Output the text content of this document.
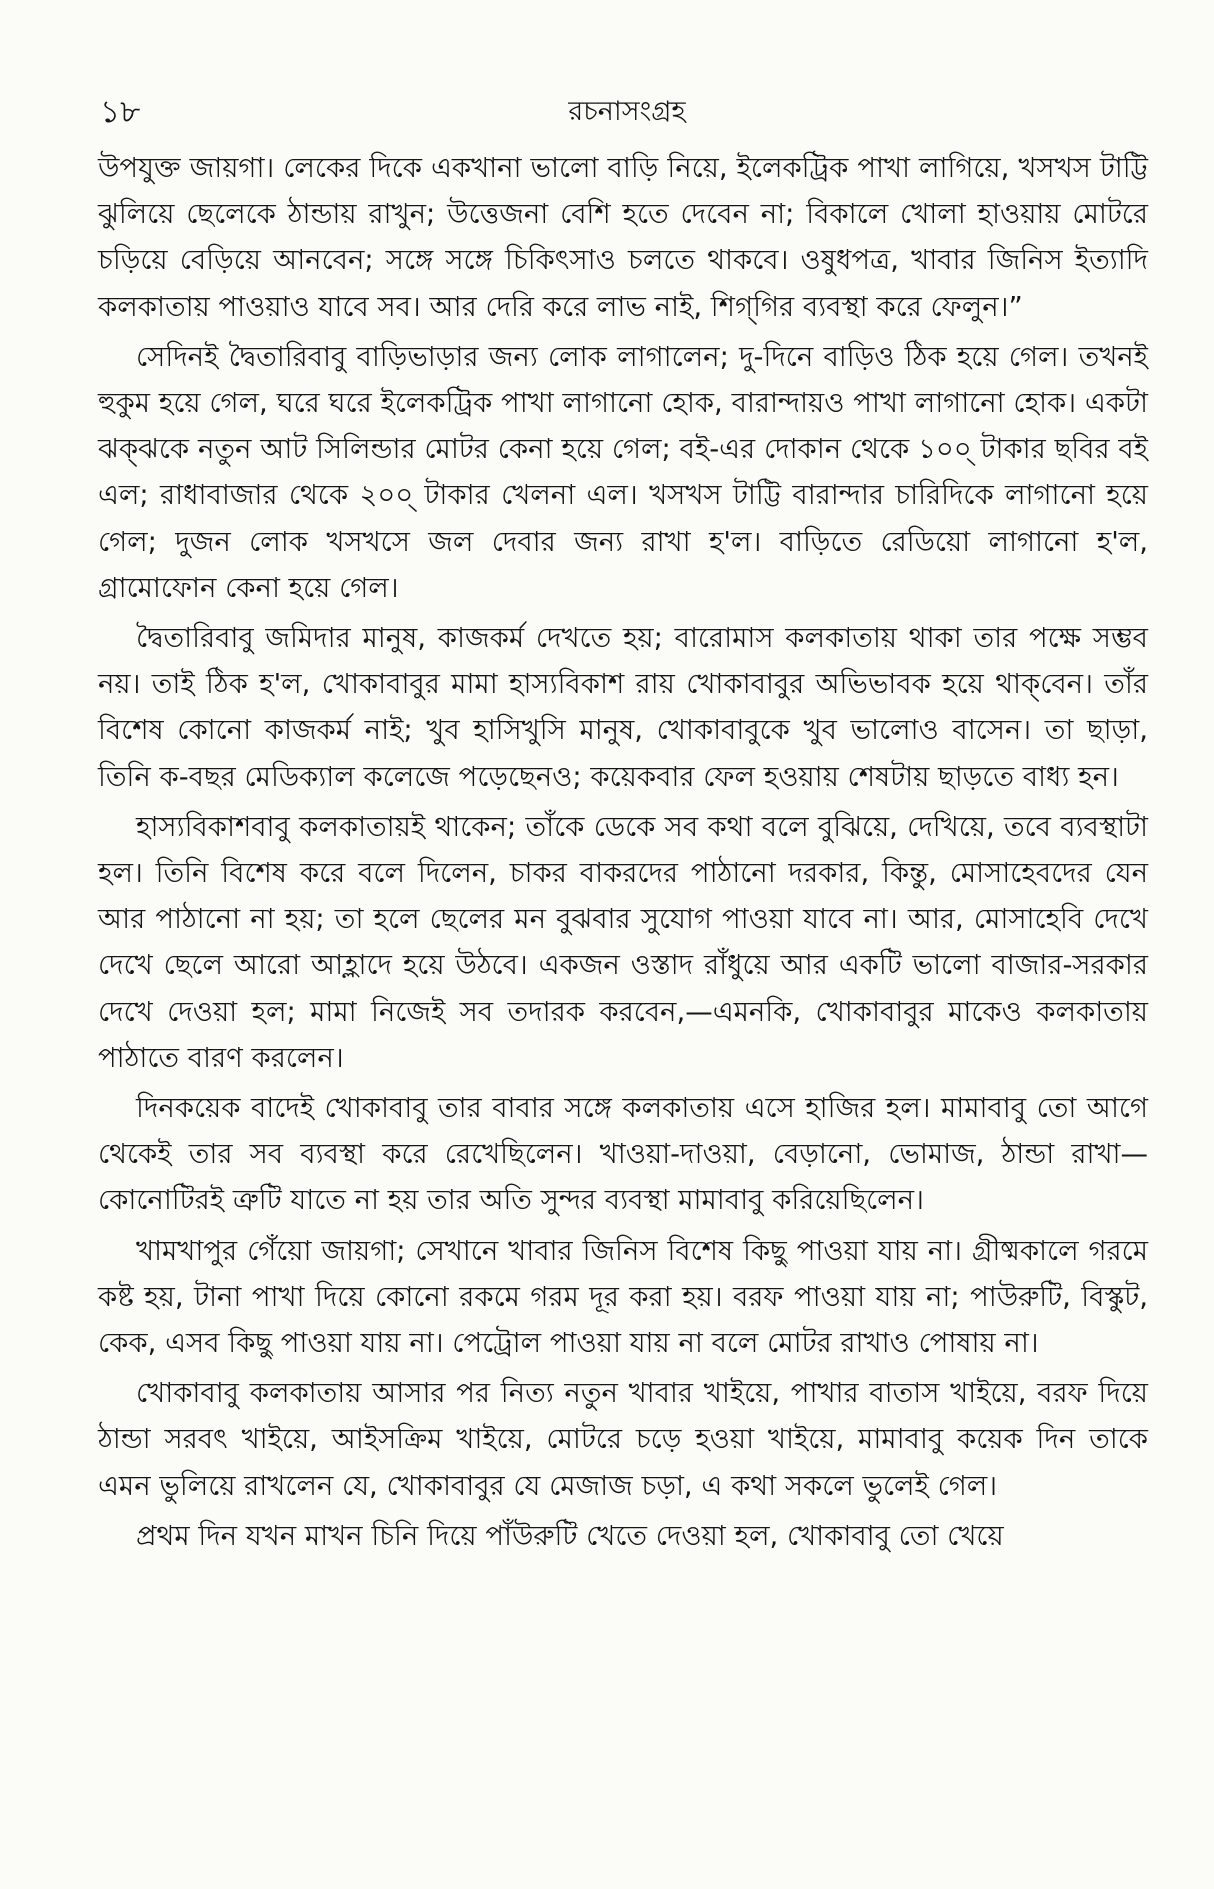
১৮	রচনাসংগ্রহ

উপযুক্ত জায়গা। লেকের দিকে একখানা ভালো বাড়ি নিয়ে, ইলেকট্রিক পাখা লাগিয়ে, খসখস টাট্টি ঝুলিয়ে ছেলেকে ঠান্ডায় রাখুন; উত্তেজনা বেশি হতে দেবেন না; বিকালে খোলা হাওয়ায় মোটরে চড়িয়ে বেড়িয়ে আনবেন; সঙ্গে সঙ্গে চিকিৎসাও চলতে থাকবে। ওষুধপত্র, খাবার জিনিস ইত্যাদি কলকাতায় পাওয়াও যাবে সব। আর দেরি করে লাভ নাই, শিগ্‌গির ব্যবস্থা করে ফেলুন।”

সেদিনই দ্বৈতারিবাবু বাড়িভাড়ার জন্য লোক লাগালেন; দু-দিনে বাড়িও ঠিক হয়ে গেল। তখনই হুকুম হয়ে গেল, ঘরে ঘরে ইলেকট্রিক পাখা লাগানো হোক, বারান্দায়ও পাখা লাগানো হোক। একটা ঝক্‌ঝকে নতুন আট সিলিন্ডার মোটর কেনা হয়ে গেল; বই-এর দোকান থেকে ১০০্‌ টাকার ছবির বই এল; রাধাবাজার থেকে ২০০্‌ টাকার খেলনা এল। খসখস টাট্টি বারান্দার চারিদিকে লাগানো হয়ে গেল; দুজন লোক খসখসে জল দেবার জন্য রাখা হ'ল। বাড়িতে রেডিয়ো লাগানো হ'ল, গ্রামোফোন কেনা হয়ে গেল।

দ্বৈতারিবাবু জমিদার মানুষ, কাজকর্ম দেখতে হয়; বারোমাস কলকাতায় থাকা তার পক্ষে সম্ভব নয়। তাই ঠিক হ'ল, খোকাবাবুর মামা হাস্যবিকাশ রায় খোকাবাবুর অভিভাবক হয়ে থাক্‌বেন। তাঁর বিশেষ কোনো কাজকর্ম নাই; খুব হাসিখুসি মানুষ, খোকাবাবুকে খুব ভালোও বাসেন। তা ছাড়া, তিনি ক-বছর মেডিক্যাল কলেজে পড়েছেনও; কয়েকবার ফেল হওয়ায় শেষটায় ছাড়তে বাধ্য হন।

হাস্যবিকাশবাবু কলকাতায়ই থাকেন; তাঁকে ডেকে সব কথা বলে বুঝিয়ে, দেখিয়ে, তবে ব্যবস্থাটা হল। তিনি বিশেষ করে বলে দিলেন, চাকর বাকরদের পাঠানো দরকার, কিন্তু, মোসাহেবদের যেন আর পাঠানো না হয়; তা হলে ছেলের মন বুঝবার সুযোগ পাওয়া যাবে না। আর, মোসাহেবি দেখে দেখে ছেলে আরো আহ্লাদে হয়ে উঠবে। একজন ওস্তাদ রাঁধুয়ে আর একটি ভালো বাজার-সরকার দেখে দেওয়া হল; মামা নিজেই সব তদারক করবেন,—এমনকি, খোকাবাবুর মাকেও কলকাতায় পাঠাতে বারণ করলেন।

দিনকয়েক বাদেই খোকাবাবু তার বাবার সঙ্গে কলকাতায় এসে হাজির হল। মামাবাবু তো আগে থেকেই তার সব ব্যবস্থা করে রেখেছিলেন। খাওয়া-দাওয়া, বেড়ানো, ভোমাজ, ঠান্ডা রাখা—কোনোটিরই ত্রুটি যাতে না হয় তার অতি সুন্দর ব্যবস্থা মামাবাবু করিয়েছিলেন।

খামখাপুর গেঁয়ো জায়গা; সেখানে খাবার জিনিস বিশেষ কিছু পাওয়া যায় না। গ্রীষ্মকালে গরমে কষ্ট হয়, টানা পাখা দিয়ে কোনো রকমে গরম দূর করা হয়। বরফ পাওয়া যায় না; পাউরুটি, বিস্কুট, কেক, এসব কিছু পাওয়া যায় না। পেট্রোল পাওয়া যায় না বলে মোটর রাখাও পোষায় না।

খোকাবাবু কলকাতায় আসার পর নিত্য নতুন খাবার খাইয়ে, পাখার বাতাস খাইয়ে, বরফ দিয়ে ঠান্ডা সরবৎ খাইয়ে, আইসক্রিম খাইয়ে, মোটরে চড়ে হওয়া খাইয়ে, মামাবাবু কয়েক দিন তাকে এমন ভুলিয়ে রাখলেন যে, খোকাবাবুর যে মেজাজ চড়া, এ কথা সকলে ভুলেই গেল।

প্রথম দিন যখন মাখন চিনি দিয়ে পাঁউরুটি খেতে দেওয়া হল, খোকাবাবু তো খেয়ে
